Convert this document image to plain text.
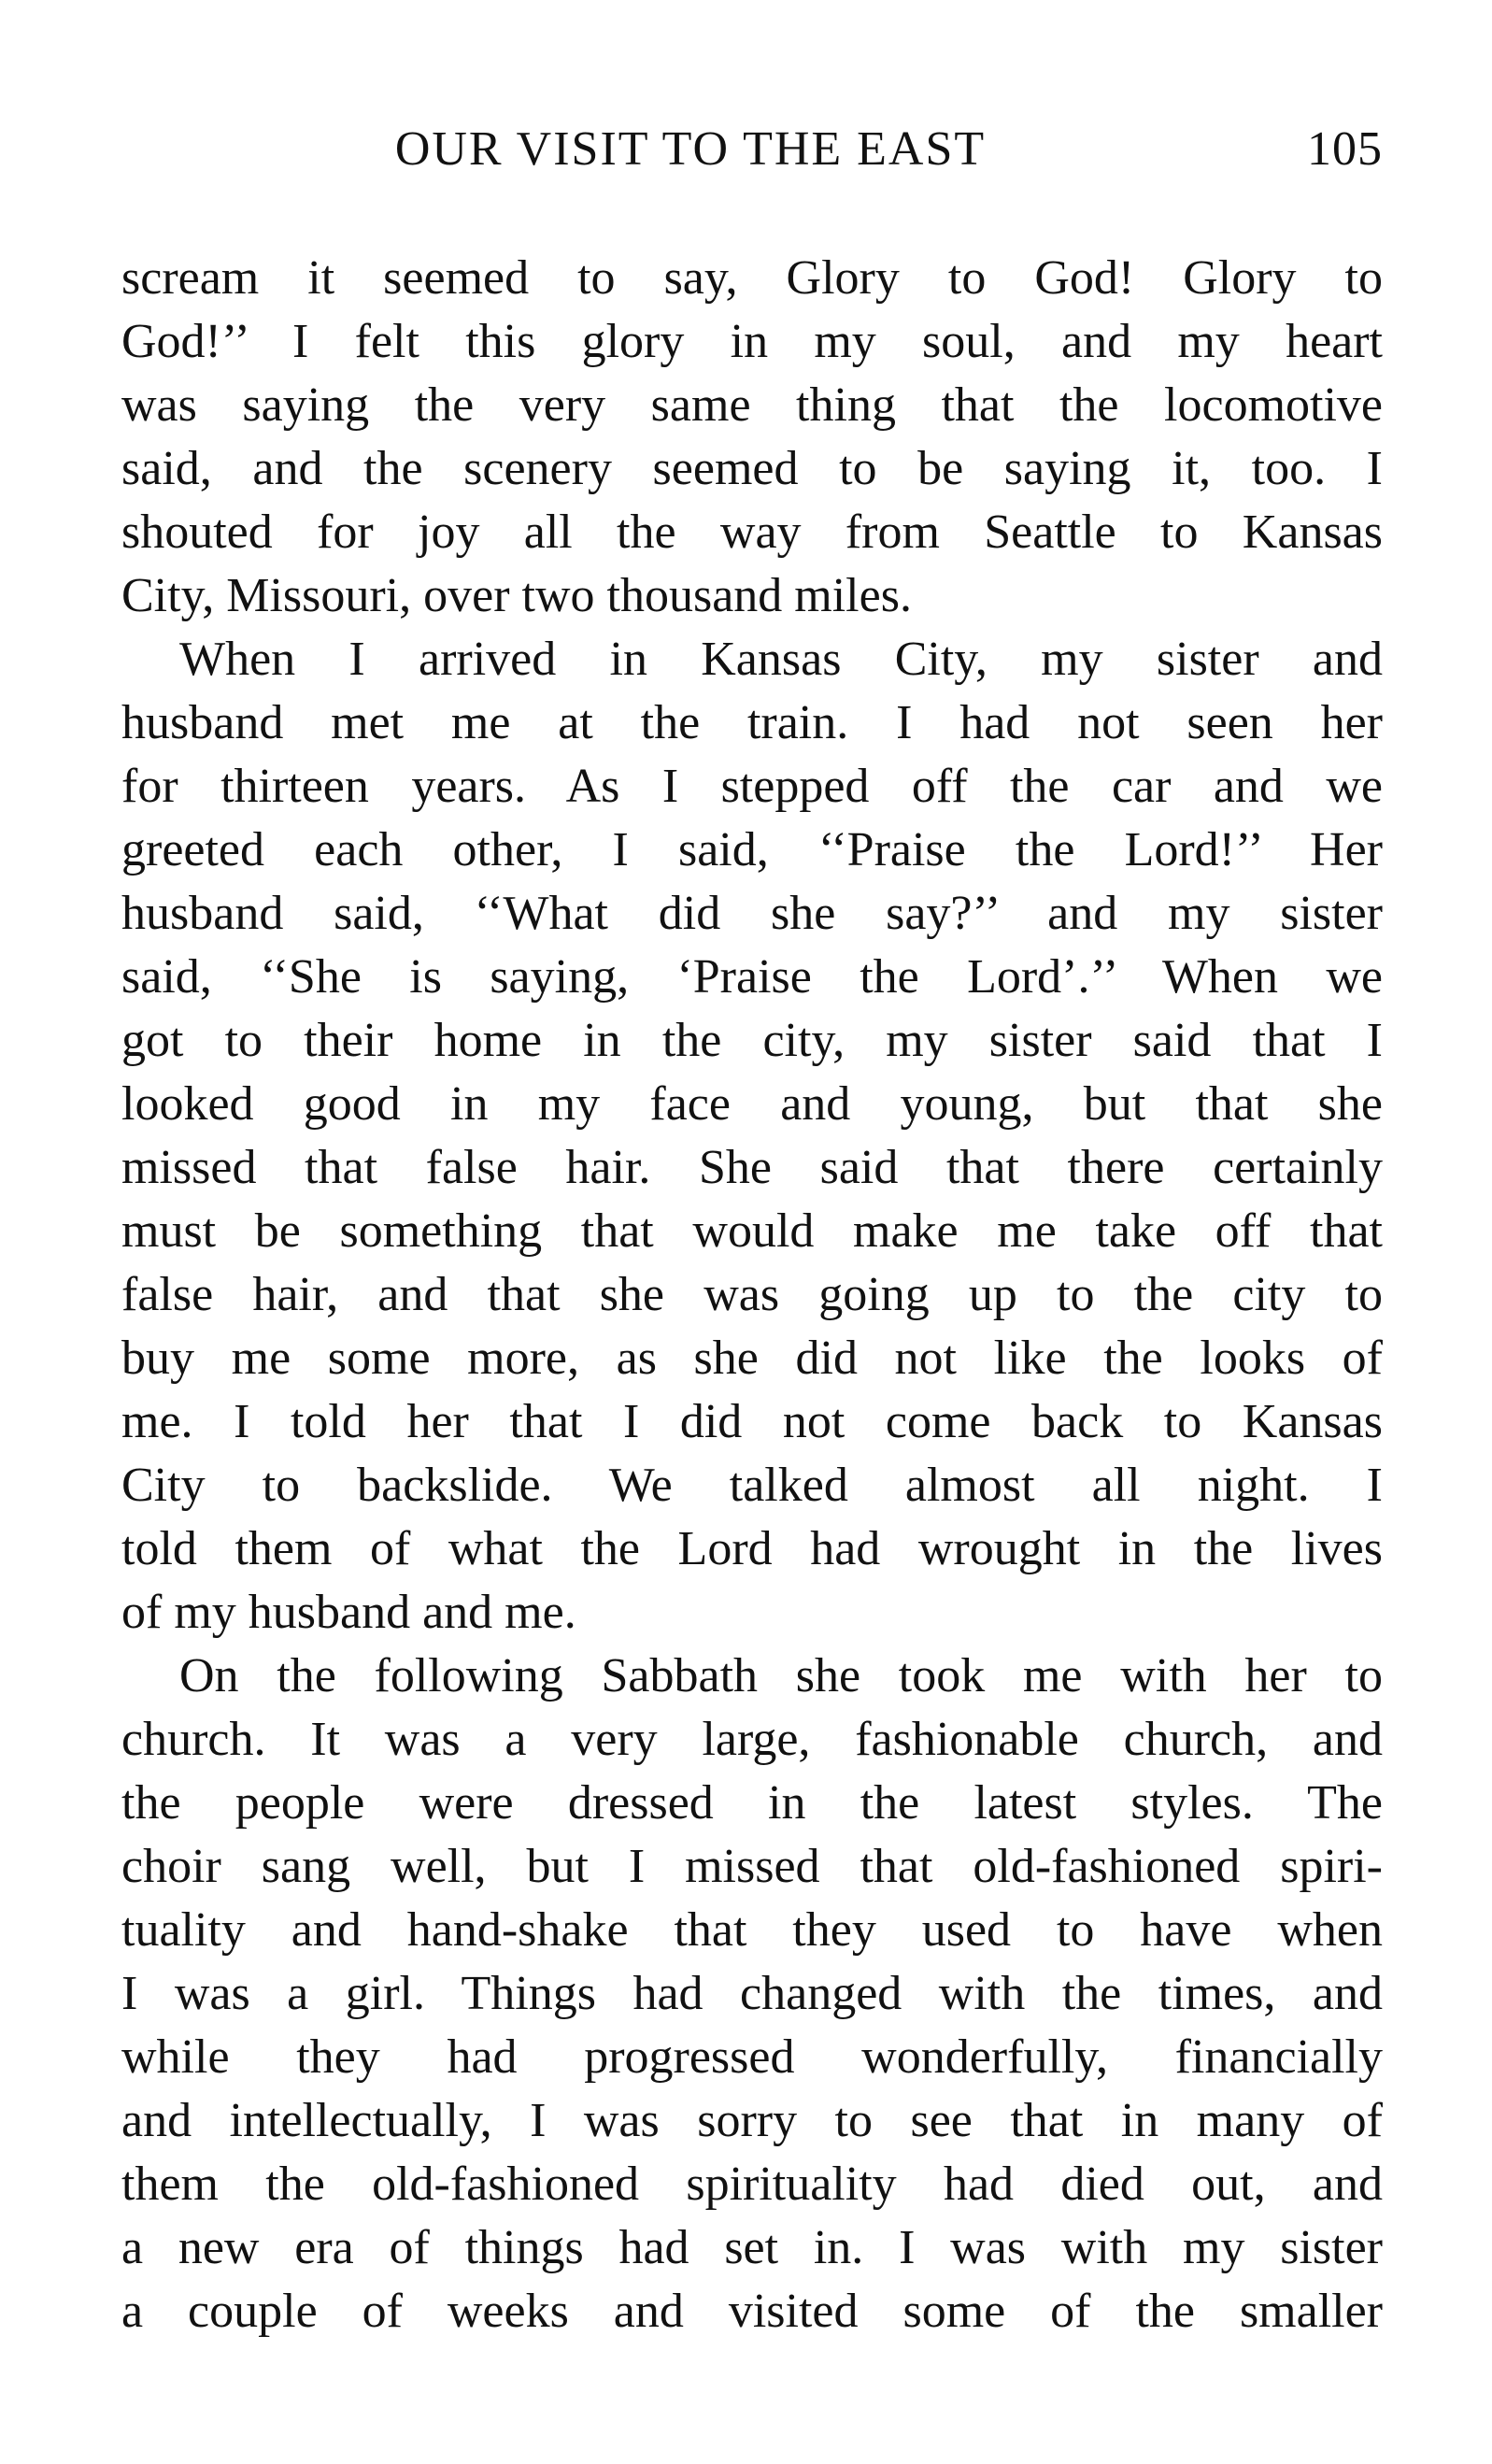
OUR VISIT TO THE EAST	105
scream it seemed to say, Glory to God! Glory to
God!’’ I felt this glory in my soul, and my heart
was saying the very same thing that the locomotive
said, and the scenery seemed to be saying it, too. I
shouted for joy all the way from Seattle to Kansas
City, Missouri, over two thousand miles.
When I arrived in Kansas City, my sister and
husband met me at the train. I had not seen her
for thirteen years. As I stepped off the car and we
greeted each other, I said, ‘‘Praise the Lord!’’ Her
husband said, ‘‘What did she say?’’ and my sister
said, ‘‘She is saying, ‘Praise the Lord’.’’ When we
got to their home in the city, my sister said that I
looked good in my face and young, but that she
missed that false hair. She said that there certainly
must be something that would make me take off that
false hair, and that she was going up to the city to
buy me some more, as she did not like the looks of
me. I told her that I did not come back to Kansas
City to backslide. We talked almost all night. I
told them of what the Lord had wrought in the lives
of my husband and me.
On the following Sabbath she took me with her to
church. It was a very large, fashionable church, and
the people were dressed in the latest styles. The
choir sang well, but I missed that old-fashioned spiri-
tuality and hand-shake that they used to have when
I was a girl. Things had changed with the times, and
while they had progressed wonderfully, financially
and intellectually, I was sorry to see that in many of
them the old-fashioned spirituality had died out, and
a new era of things had set in. I was with my sister
a couple of weeks and visited some of the smaller
